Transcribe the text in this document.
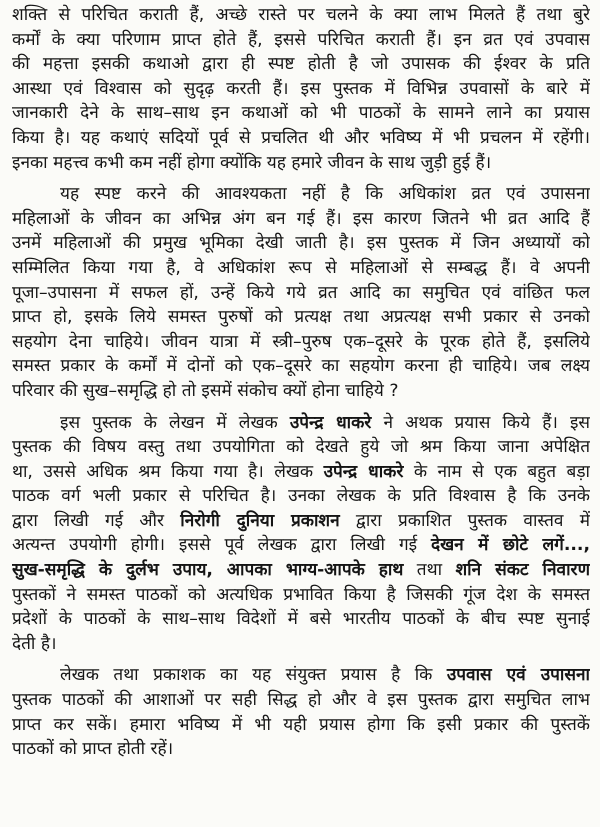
शक्ति से परिचित कराती हैं, अच्छे रास्ते पर चलने के क्या लाभ मिलते हैं तथा बुरे
कर्मों के क्या परिणाम प्राप्त होते हैं, इससे परिचित कराती हैं। इन व्रत एवं उपवास
की महत्ता इसकी कथाओ द्वारा ही स्पष्ट होती है जो उपासक की ईश्वर के प्रति
आस्था एवं विश्वास को सुदृढ़ करती हैं। इस पुस्तक में विभिन्न उपवासों के बारे में
जानकारी देने के साथ–साथ इन कथाओं को भी पाठकों के सामने लाने का प्रयास
किया है। यह कथाएं सदियों पूर्व से प्रचलित थी और भविष्य में भी प्रचलन में रहेंगी।
इनका महत्त्व कभी कम नहीं होगा क्योंकि यह हमारे जीवन के साथ जुड़ी हुई हैं।

यह स्पष्ट करने की आवश्यकता नहीं है कि अधिकांश व्रत एवं उपासना
महिलाओं के जीवन का अभिन्न अंग बन गई हैं। इस कारण जितने भी व्रत आदि हैं
उनमें महिलाओं की प्रमुख भूमिका देखी जाती है। इस पुस्तक में जिन अध्यायों को
सम्मिलित किया गया है, वे अधिकांश रूप से महिलाओं से सम्बद्ध हैं। वे अपनी
पूजा–उपासना में सफल हों, उन्हें किये गये व्रत आदि का समुचित एवं वांछित फल
प्राप्त हो, इसके लिये समस्त पुरुषों को प्रत्यक्ष तथा अप्रत्यक्ष सभी प्रकार से उनको
सहयोग देना चाहिये। जीवन यात्रा में स्त्री–पुरुष एक–दूसरे के पूरक होते हैं, इसलिये
समस्त प्रकार के कर्मों में दोनों को एक–दूसरे का सहयोग करना ही चाहिये। जब लक्ष्य
परिवार की सुख–समृद्धि हो तो इसमें संकोच क्यों होना चाहिये ?

इस पुस्तक के लेखन में लेखक उपेन्द्र धाकरे ने अथक प्रयास किये हैं। इस
पुस्तक की विषय वस्तु तथा उपयोगिता को देखते हुये जो श्रम किया जाना अपेक्षित
था, उससे अधिक श्रम किया गया है। लेखक उपेन्द्र धाकरे के नाम से एक बहुत बड़ा
पाठक वर्ग भली प्रकार से परिचित है। उनका लेखक के प्रति विश्वास है कि उनके
द्वारा लिखी गई और निरोगी दुनिया प्रकाशन द्वारा प्रकाशित पुस्तक वास्तव में
अत्यन्त उपयोगी होगी। इससे पूर्व लेखक द्वारा लिखी गई देखन में छोटे लगें...,
सुख-समृद्धि के दुर्लभ उपाय, आपका भाग्य-आपके हाथ तथा शनि संकट निवारण
पुस्तकों ने समस्त पाठकों को अत्यधिक प्रभावित किया है जिसकी गूंज देश के समस्त
प्रदेशों के पाठकों के साथ–साथ विदेशों में बसे भारतीय पाठकों के बीच स्पष्ट सुनाई
देती है।

लेखक तथा प्रकाशक का यह संयुक्त प्रयास है कि उपवास एवं उपासना
पुस्तक पाठकों की आशाओं पर सही सिद्ध हो और वे इस पुस्तक द्वारा समुचित लाभ
प्राप्त कर सकें। हमारा भविष्य में भी यही प्रयास होगा कि इसी प्रकार की पुस्तकें
पाठकों को प्राप्त होती रहें।
